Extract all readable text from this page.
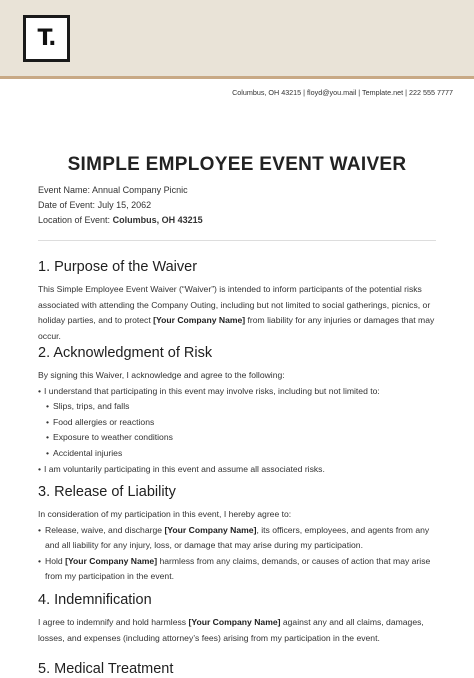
T.
Columbus, OH 43215 | floyd@you.mail | Template.net | 222 555 7777
SIMPLE EMPLOYEE EVENT WAIVER
Event Name: Annual Company Picnic
Date of Event: July 15, 2062
Location of Event: Columbus, OH 43215
1. Purpose of the Waiver

This Simple Employee Event Waiver (“Waiver”) is intended to inform participants of the potential risks associated with attending the Company Outing, including but not limited to social gatherings, picnics, or holiday parties, and to protect [Your Company Name] from liability for any injuries or damages that may occur.

2. Acknowledgment of Risk

By signing this Waiver, I acknowledge and agree to the following:

• I understand that participating in this event may involve risks, including but not limited to:
• Slips, trips, and falls
• Food allergies or reactions
• Exposure to weather conditions
• Accidental injuries
• I am voluntarily participating in this event and assume all associated risks.
3. Release of Liability

In consideration of my participation in this event, I hereby agree to:

• Release, waive, and discharge [Your Company Name], its officers, employees, and agents from any and all liability for any injury, loss, or damage that may arise during my participation.
• Hold [Your Company Name] harmless from any claims, demands, or causes of action that may arise from my participation in the event.
4. Indemnification

I agree to indemnify and hold harmless [Your Company Name] against any and all claims, damages, losses, and expenses (including attorney’s fees) arising from my participation in the event.

5. Medical Treatment
